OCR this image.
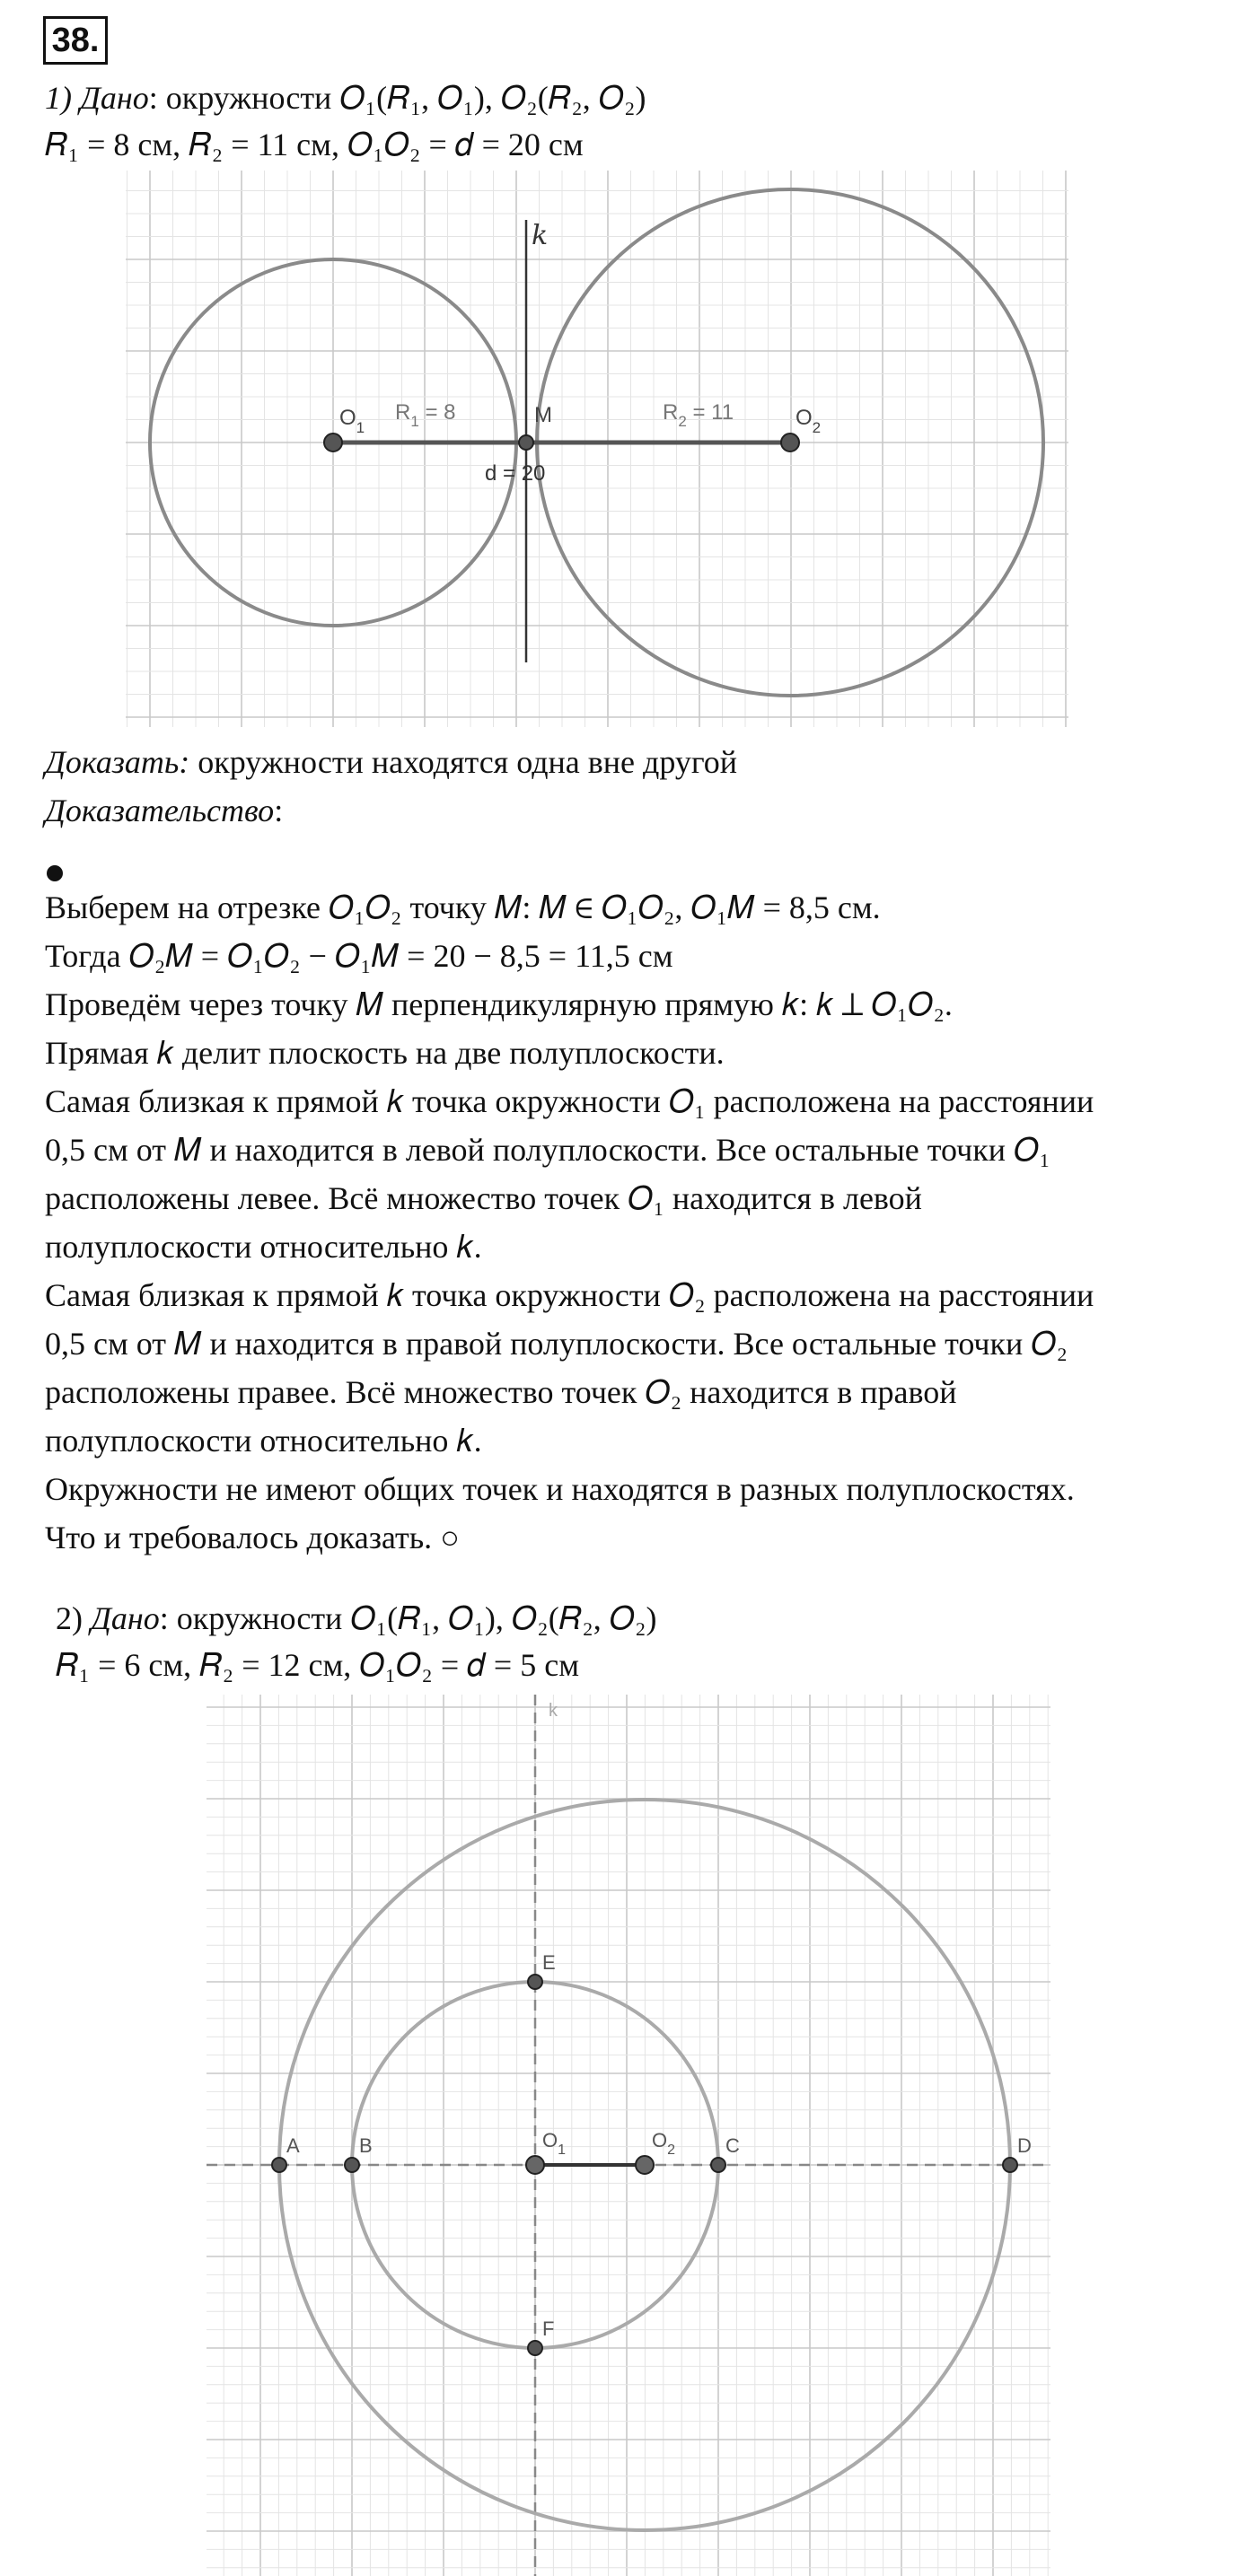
38.
1) Дано: окружности 𝑂₁(𝑅₁, 𝑂₁), 𝑂₂(𝑅₂, 𝑂₂)
𝑅₁ = 8 см, 𝑅₂ = 11 см, 𝑂₁𝑂₂ = 𝑑 = 20 см
k
$O_1$
$R_1 = 8$	M	$R_2 = 11$	$O_2$
d = 20
Доказать: окружности находятся одна вне другой
Доказательство:
Выберем на отрезке 𝑂₁𝑂₂ точку 𝑀: 𝑀 ∈ 𝑂₁𝑂₂, 𝑂₁𝑀 = 8,5 см.
Тогда 𝑂₂𝑀 = 𝑂₁𝑂₂ − 𝑂₁𝑀 = 20 − 8,5 = 11,5 см
Проведём через точку 𝑀 перпендикулярную прямую 𝑘: 𝑘 ⊥ 𝑂₁𝑂₂.
Прямая 𝑘 делит плоскость на две полуплоскости.
Самая близкая к прямой 𝑘 точка окружности 𝑂₁ расположена на расстоянии
0,5 см от 𝑀 и находится в левой полуплоскости. Все остальные точки 𝑂₁
расположены левее. Всё множество точек 𝑂₁ находится в левой
полуплоскости относительно 𝑘.
Самая близкая к прямой 𝑘 точка окружности 𝑂₂ расположена на расстоянии
0,5 см от 𝑀 и находится в правой полуплоскости. Все остальные точки 𝑂₂
расположены правее. Всё множество точек 𝑂₂ находится в правой
полуплоскости относительно 𝑘.
Окружности не имеют общих точек и находятся в разных полуплоскостях.
Что и требовалось доказать. ○
2) Дано: окружности 𝑂₁(𝑅₁, 𝑂₁), 𝑂₂(𝑅₂, 𝑂₂)
𝑅₁ = 6 см, 𝑅₂ = 12 см, 𝑂₁𝑂₂ = 𝑑 = 5 см
k
E
A	B	$O_1$	$O_2$	C	D
F
